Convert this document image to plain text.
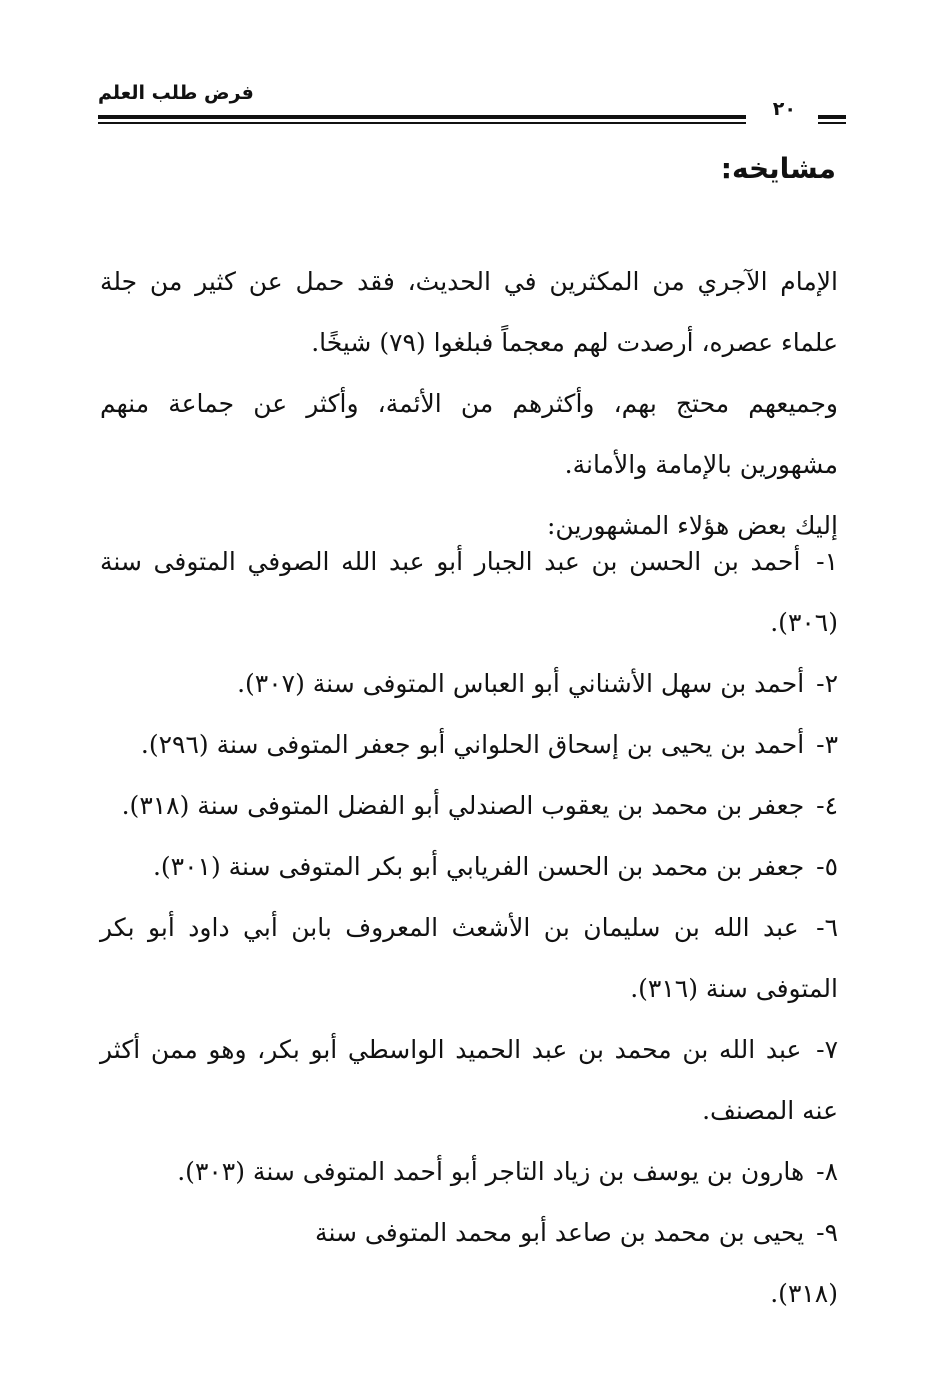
فرض طلب العلم
٢٠
مشايخه:

الإمام الآجري من المكثرين في الحديث، فقد حمل عن كثير من جلة علماء عصره، أرصدت لهم معجماً فبلغوا (٧٩) شيخًا.

وجميعهم محتج بهم، وأكثرهم من الأئمة، وأكثر عن جماعة منهم مشهورين بالإمامة والأمانة.

إليك بعض هؤلاء المشهورين:

١- أحمد بن الحسن بن عبد الجبار أبو عبد الله الصوفي المتوفى سنة (٣٠٦).

٢- أحمد بن سهل الأشناني أبو العباس المتوفى سنة (٣٠٧).

٣- أحمد بن يحيى بن إسحاق الحلواني أبو جعفر المتوفى سنة (٢٩٦).

٤- جعفر بن محمد بن يعقوب الصندلي أبو الفضل المتوفى سنة (٣١٨).

٥- جعفر بن محمد بن الحسن الفريابي أبو بكر المتوفى سنة (٣٠١).

٦- عبد الله بن سليمان بن الأشعث المعروف بابن أبي داود أبو بكر المتوفى سنة (٣١٦).

٧- عبد الله بن محمد بن عبد الحميد الواسطي أبو بكر، وهو ممن أكثر عنه المصنف.

٨- هارون بن يوسف بن زياد التاجر أبو أحمد المتوفى سنة (٣٠٣).

٩- يحيى بن محمد بن صاعد أبو محمد المتوفى سنة (٣١٨).
